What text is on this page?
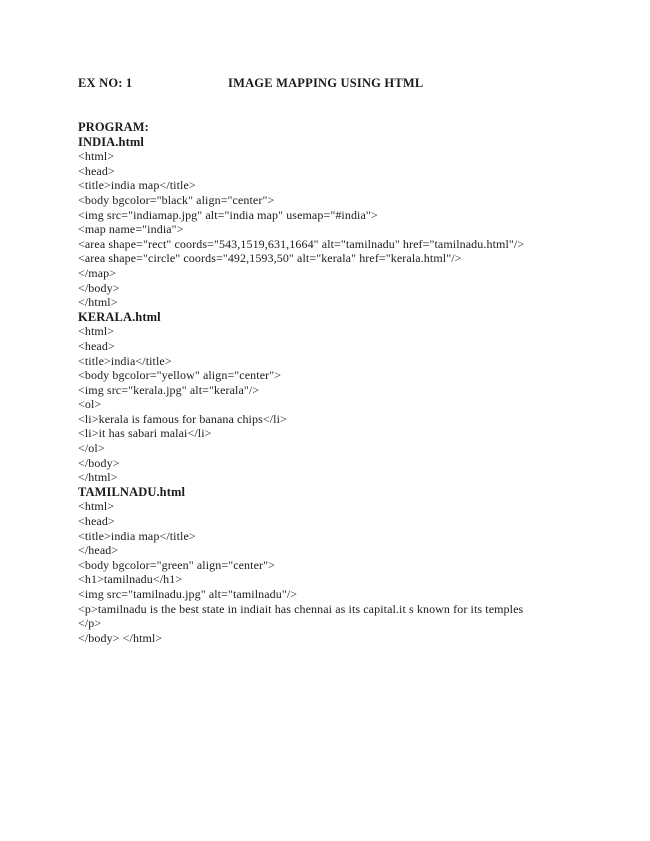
EX NO: 1	IMAGE MAPPING USING HTML
PROGRAM:
INDIA.html
<html>
<head>
<title>india map</title>
<body bgcolor="black" align="center">
<img src="indiamap.jpg" alt="india map" usemap="#india">
<map name="india">
<area shape="rect" coords="543,1519,631,1664" alt="tamilnadu" href="tamilnadu.html"/>
<area shape="circle" coords="492,1593,50" alt="kerala" href="kerala.html"/>
</map>
</body>
</html>
KERALA.html
<html>
<head>
<title>india</title>
<body bgcolor="yellow" align="center">
<img src="kerala.jpg" alt="kerala"/>
<ol>
<li>kerala is famous for banana chips</li>
<li>it has sabari malai</li>
</ol>
</body>
</html>
TAMILNADU.html
<html>
<head>
<title>india map</title>
</head>
<body bgcolor="green" align="center">
<h1>tamilnadu</h1>
<img src="tamilnadu.jpg" alt="tamilnadu"/>
<p>tamilnadu is the best state in indiait has chennai as its capital.it s known for its temples
</p>
</body> </html>
